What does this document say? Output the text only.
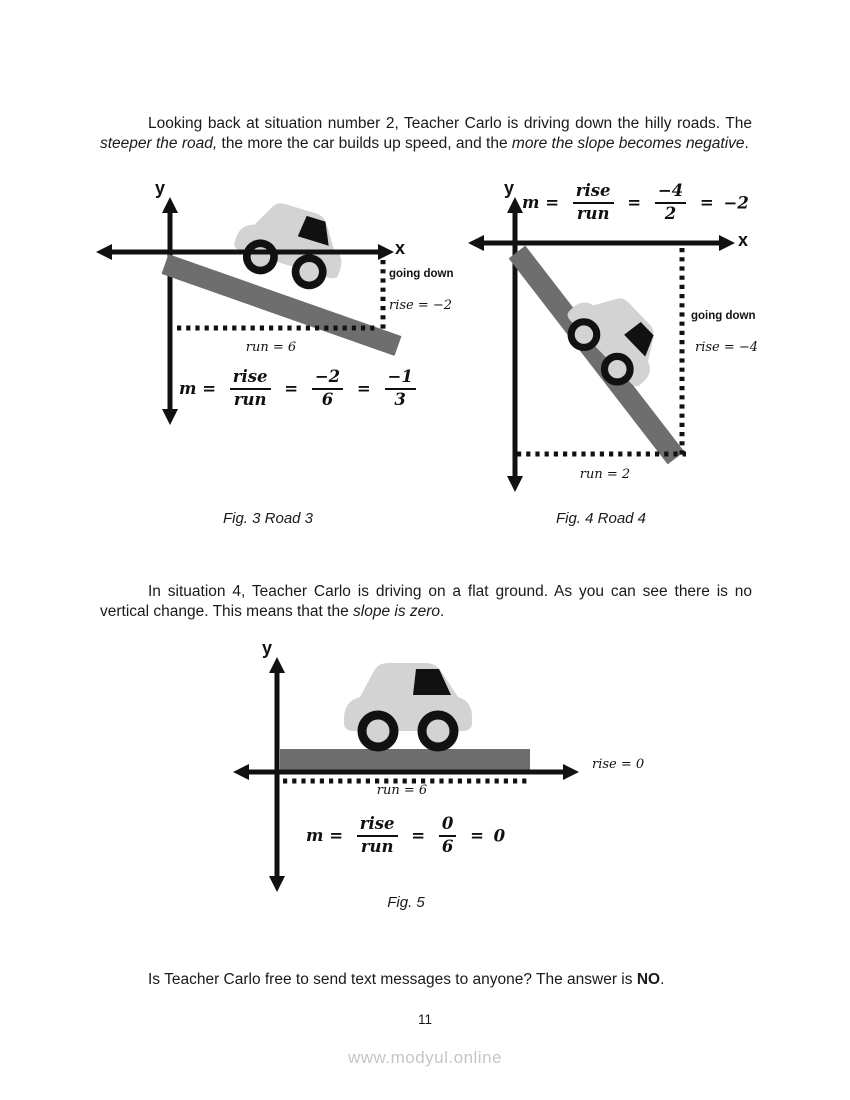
Looking back at situation number 2, Teacher Carlo is driving down the hilly roads. The steeper the road, the more the car builds up speed, and the more the slope becomes negative.

y
x
going down
rise = −2
run = 6
$m = \frac{\text{rise}}{\text{run}} = \frac{-2}{6} = \frac{-1}{3}$
y
$m = \frac{\text{rise}}{\text{run}} = \frac{-4}{2} = -2$
x
going down
rise = −4
run = 2
Fig. 3 Road 3	Fig. 4 Road 4

In situation 4, Teacher Carlo is driving on a flat ground. As you can see there is no vertical change. This means that the slope is zero.

y
rise = 0
run = 6
$m = \frac{\text{rise}}{\text{run}} = \frac{0}{6} = 0$
Fig. 5

Is Teacher Carlo free to send text messages to anyone? The answer is NO.

11
www.modyul.online
